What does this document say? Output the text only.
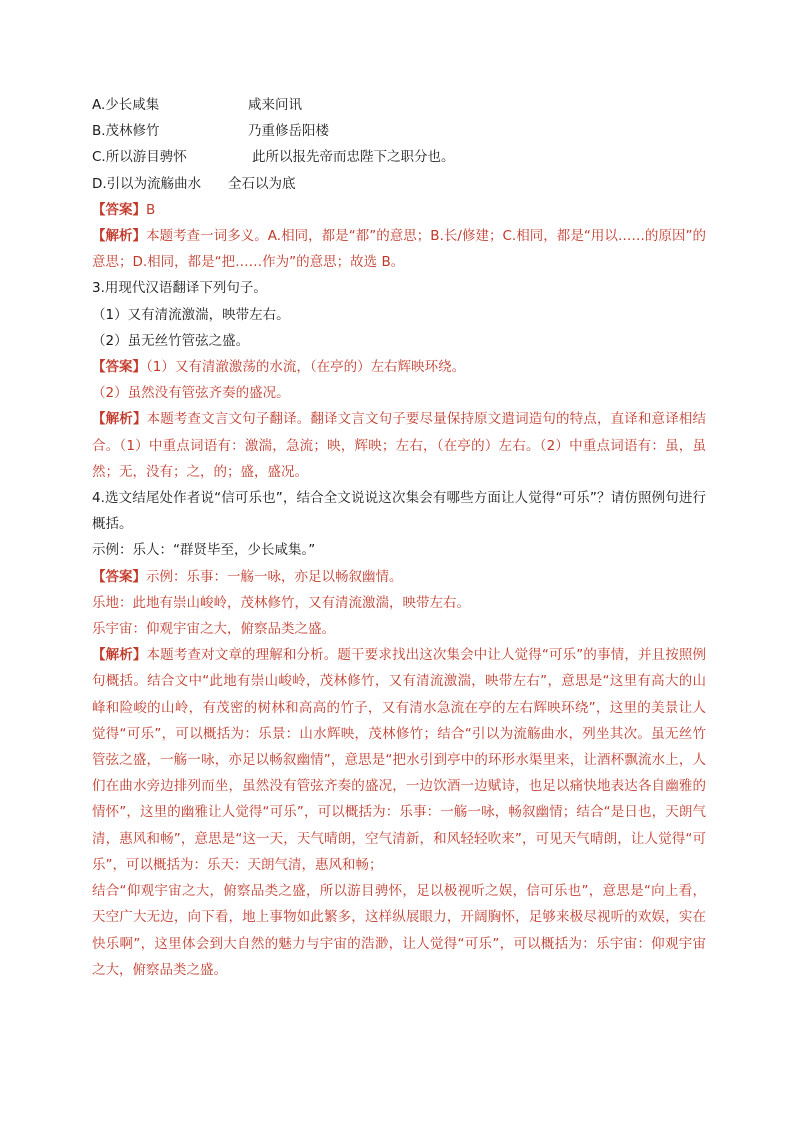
A.少长咸集	咸来问讯
B.茂林修竹	乃重修岳阳楼
C.所以游目骋怀	此所以报先帝而忠陛下之职分也。
D.引以为流觞曲水	全石以为底
【答案】B
【解析】本题考查一词多义。A.相同，都是“都”的意思；B.长/修建；C.相同，都是“用以……的原因”的意思；D.相同，都是“把……作为”的意思；故选 B。
3.用现代汉语翻译下列句子。
（1）又有清流激湍，映带左右。
（2）虽无丝竹管弦之盛。
【答案】（1）又有清澈激荡的水流，（在亭的）左右辉映环绕。
（2）虽然没有管弦齐奏的盛况。
【解析】本题考查文言文句子翻译。翻译文言文句子要尽量保持原文遣词造句的特点，直译和意译相结合。（1）中重点词语有：激湍，急流；映，辉映；左右，（在亭的）左右。（2）中重点词语有：虽，虽然；无，没有；之，的；盛，盛况。
4.选文结尾处作者说“信可乐也”，结合全文说说这次集会有哪些方面让人觉得“可乐”？请仿照例句进行概括。
示例：乐人：“群贤毕至，少长咸集。”
【答案】示例：乐事：一觞一咏，亦足以畅叙幽情。
乐地：此地有崇山峻岭，茂林修竹，又有清流激湍，映带左右。
乐宇宙：仰观宇宙之大，俯察品类之盛。
【解析】本题考查对文章的理解和分析。题干要求找出这次集会中让人觉得“可乐”的事情，并且按照例句概括。结合文中“此地有崇山峻岭，茂林修竹，又有清流激湍，映带左右”，意思是“这里有高大的山峰和险峻的山岭，有茂密的树林和高高的竹子，又有清水急流在亭的左右辉映环绕”，这里的美景让人觉得“可乐”，可以概括为：乐景：山水辉映，茂林修竹；结合“引以为流觞曲水，列坐其次。虽无丝竹管弦之盛，一觞一咏，亦足以畅叙幽情”，意思是“把水引到亭中的环形水渠里来，让酒杯飘流水上，人们在曲水旁边排列而坐，虽然没有管弦齐奏的盛况，一边饮酒一边赋诗，也足以痛快地表达各自幽雅的情怀”，这里的幽雅让人觉得“可乐”，可以概括为：乐事：一觞一咏，畅叙幽情；结合“是日也，天朗气清，惠风和畅”，意思是“这一天，天气晴朗，空气清新，和风轻轻吹来”，可见天气晴朗，让人觉得“可乐”，可以概括为：乐天：天朗气清，惠风和畅；
结合“仰观宇宙之大，俯察品类之盛，所以游目骋怀，足以极视听之娱，信可乐也”，意思是“向上看，天空广大无边，向下看，地上事物如此繁多，这样纵展眼力，开阔胸怀，足够来极尽视听的欢娱，实在快乐啊”，这里体会到大自然的魅力与宇宙的浩渺，让人觉得“可乐”，可以概括为：乐宇宙：仰观宇宙之大，俯察品类之盛。
